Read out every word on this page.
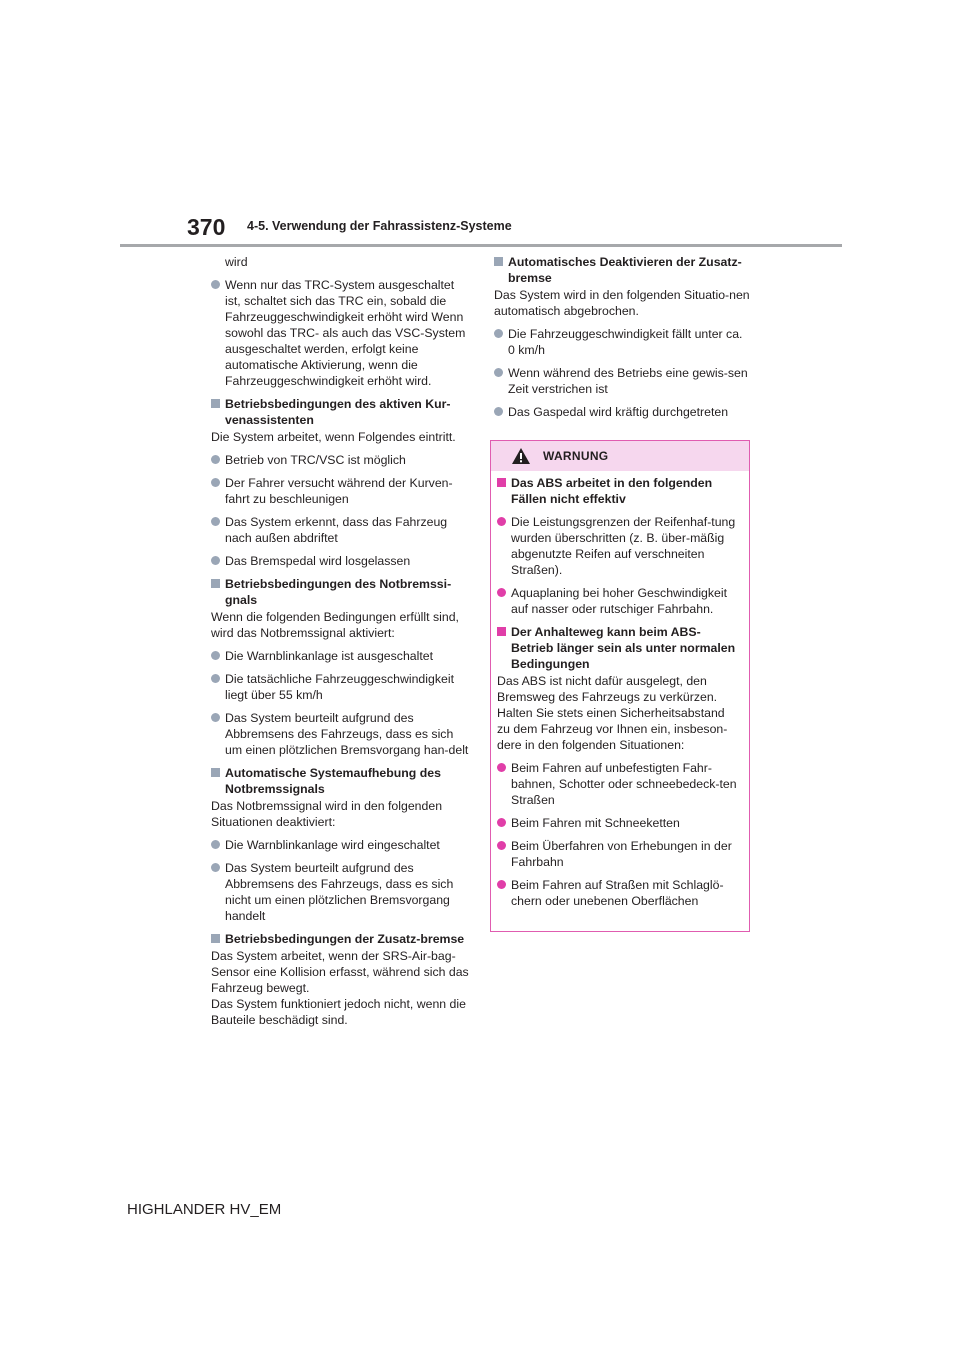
370 4-5. Verwendung der Fahrassistenz-Systeme
wird
Wenn nur das TRC-System ausgeschaltet ist, schaltet sich das TRC ein, sobald die Fahrzeuggeschwindigkeit erhöht wird Wenn sowohl das TRC- als auch das VSC-System ausgeschaltet werden, erfolgt keine automatische Aktivierung, wenn die Fahrzeuggeschwindigkeit erhöht wird.
Betriebsbedingungen des aktiven Kur-venassistenten
Die System arbeitet, wenn Folgendes eintritt.
Betrieb von TRC/VSC ist möglich
Der Fahrer versucht während der Kurven-fahrt zu beschleunigen
Das System erkennt, dass das Fahrzeug nach außen abdriftet
Das Bremspedal wird losgelassen
Betriebsbedingungen des Notbremssi-gnals
Wenn die folgenden Bedingungen erfüllt sind, wird das Notbremssignal aktiviert:
Die Warnblinkanlage ist ausgeschaltet
Die tatsächliche Fahrzeuggeschwindigkeit liegt über 55 km/h
Das System beurteilt aufgrund des Abbremsens des Fahrzeugs, dass es sich um einen plötzlichen Bremsvorgang han-delt
Automatische Systemaufhebung des Notbremssignals
Das Notbremssignal wird in den folgenden Situationen deaktiviert:
Die Warnblinkanlage wird eingeschaltet
Das System beurteilt aufgrund des Abbremsens des Fahrzeugs, dass es sich nicht um einen plötzlichen Bremsvorgang handelt
Betriebsbedingungen der Zusatz-bremse
Das System arbeitet, wenn der SRS-Air-bag-Sensor eine Kollision erfasst, während sich das Fahrzeug bewegt.
Das System funktioniert jedoch nicht, wenn die Bauteile beschädigt sind.
Automatisches Deaktivieren der Zusatz-bremse
Das System wird in den folgenden Situatio-nen automatisch abgebrochen.
Die Fahrzeuggeschwindigkeit fällt unter ca. 0 km/h
Wenn während des Betriebs eine gewis-sen Zeit verstrichen ist
Das Gaspedal wird kräftig durchgetreten
WARNUNG
Das ABS arbeitet in den folgenden Fällen nicht effektiv
Die Leistungsgrenzen der Reifenhaf-tung wurden überschritten (z. B. über-mäßig abgenutzte Reifen auf verschneiten Straßen).
Aquaplaning bei hoher Geschwindigkeit auf nasser oder rutschiger Fahrbahn.
Der Anhalteweg kann beim ABS-Betrieb länger sein als unter normalen Bedingungen
Das ABS ist nicht dafür ausgelegt, den Bremsweg des Fahrzeugs zu verkürzen. Halten Sie stets einen Sicherheitsabstand zu dem Fahrzeug vor Ihnen ein, insbeson-dere in den folgenden Situationen:
Beim Fahren auf unbefestigten Fahr-bahnen, Schotter oder schneebedeck-ten Straßen
Beim Fahren mit Schneeketten
Beim Überfahren von Erhebungen in der Fahrbahn
Beim Fahren auf Straßen mit Schlaglö-chern oder unebenen Oberflächen
HIGHLANDER HV_EM
